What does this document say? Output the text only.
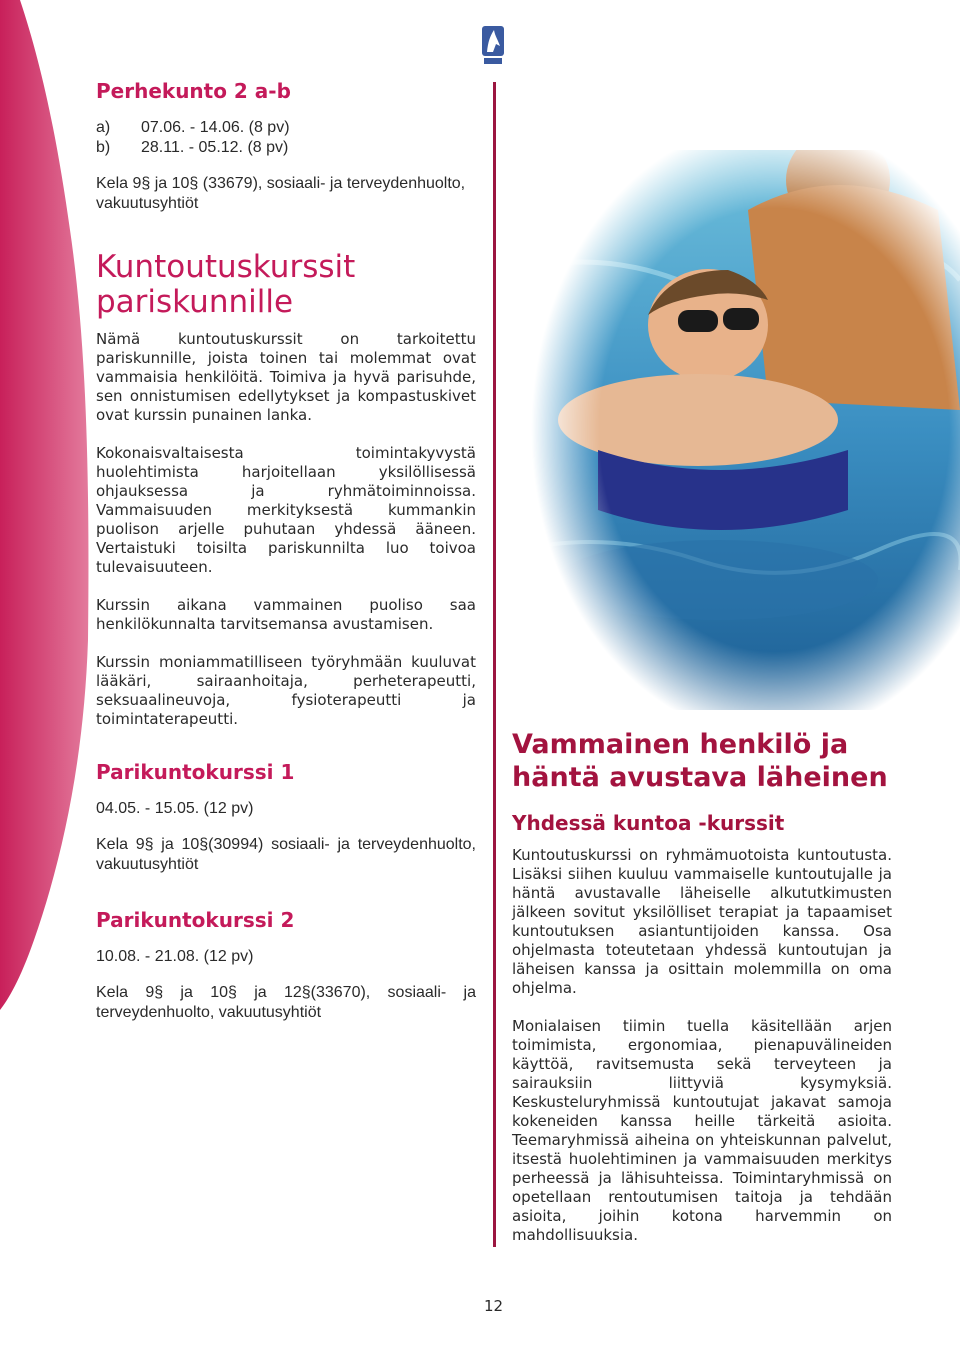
Perhekunto 2 a-b

a) 07.06. - 14.06. (8 pv)

b) 28.11. - 05.12. (8 pv)

Kela 9§ ja 10§ (33679), sosiaali- ja terveydenhuolto, vakuutusyhtiöt

Kuntoutuskurssit pariskunnille

Nämä kuntoutuskurssit on tarkoitettu pariskunnille, joista toinen tai molemmat ovat vammaisia henkilöitä. Toimiva ja hyvä parisuhde, sen onnistumisen edellytykset ja kompastuskivet ovat kurssin punainen lanka.

Kokonaisvaltaisesta toimintakyvystä huolehtimista harjoitellaan yksilöllisessä ohjauksessa ja ryhmätoiminnoissa. Vammaisuuden merkityksestä kummankin puolison arjelle puhutaan yhdessä ääneen. Vertaistuki toisilta pariskunnilta luo toivoa tulevaisuuteen.

Kurssin aikana vammainen puoliso saa henkilökunnalta tarvitsemansa avustamisen.

Kurssin moniammatilliseen työryhmään kuuluvat lääkäri, sairaanhoitaja, perheterapeutti, seksuaalineuvoja, fysioterapeutti ja toimintaterapeutti.

Parikuntokurssi 1

04.05. - 15.05. (12 pv)

Kela 9§ ja 10§(30994) sosiaali- ja terveydenhuolto, vakuutusyhtiöt

Parikuntokurssi 2

10.08. - 21.08. (12 pv)

Kela 9§ ja 10§ ja 12§(33670), sosiaali- ja terveydenhuolto, vakuutusyhtiöt

Vammainen henkilö ja häntä avustava läheinen
Yhdessä kuntoa -kurssit

Kuntoutuskurssi on ryhmämuotoista kuntoutusta. Lisäksi siihen kuuluu vammaiselle kuntoutujalle ja häntä avustavalle läheiselle alkututkimusten jälkeen sovitut yksilölliset terapiat ja tapaamiset kuntoutuksen asiantuntijoiden kanssa. Osa ohjelmasta toteutetaan yhdessä kuntoutujan ja läheisen kanssa ja osittain molemmilla on oma ohjelma.

Monialaisen tiimin tuella käsitellään arjen toimimista, ergonomiaa, pienapuvälineiden käyttöä, ravitsemusta sekä terveyteen ja sairauksiin liittyviä kysymyksiä. Keskusteluryhmissä kuntoutujat jakavat samoja kokeneiden kanssa heille tärkeitä asioita. Teemaryhmissä aiheina on yhteiskunnan palvelut, itsestä huolehtiminen ja vammaisuuden merkitys perheessä ja lähisuhteissa. Toimintaryhmissä on opetellaan rentoutumisen taitoja ja tehdään asioita, joihin kotona harvemmin on mahdollisuuksia.

12
